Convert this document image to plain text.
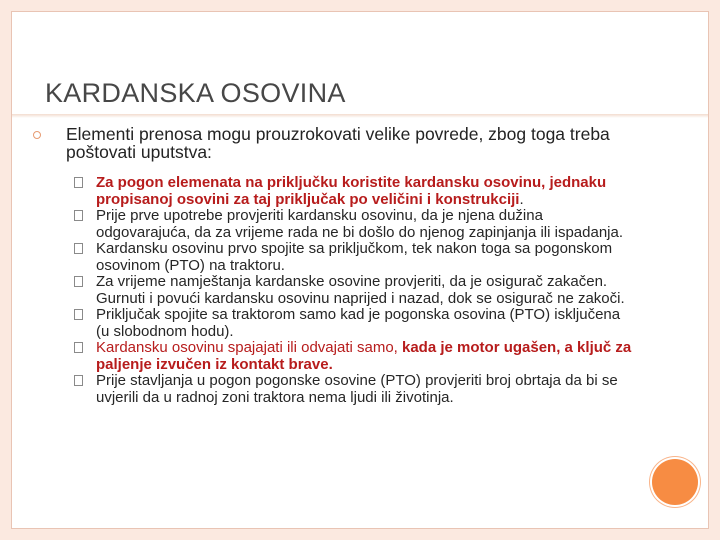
KARDANSKA OSOVINA
Elementi prenosa mogu prouzrokovati velike povrede, zbog toga treba poštovati uputstva:
Za pogon elemenata na priključku koristite kardansku osovinu, jednaku propisanoj osovini za taj priključak po veličini i konstrukciji.
Prije prve upotrebe provjeriti kardansku osovinu, da je njena dužina odgovarajuća, da za vrijeme rada ne bi došlo do njenog zapinjanja ili ispadanja.
Kardansku osovinu prvo spojite sa priključkom, tek nakon toga sa pogonskom osovinom (PTO) na traktoru.
Za vrijeme namještanja kardanske osovine provjeriti, da je osigurač zakačen. Gurnuti i povući kardansku osovinu naprijed i nazad, dok se osigurač ne zakoči.
Priključak spojite sa traktorom samo kad je pogonska osovina (PTO) isključena (u slobodnom hodu).
Kardansku osovinu spajajati ili odvajati samo, kada je motor ugašen, a ključ za paljenje izvučen iz kontakt brave.
Prije stavljanja u pogon pogonske osovine (PTO) provjeriti broj obrtaja da bi se uvjerili da u radnoj zoni traktora nema ljudi ili životinja.
